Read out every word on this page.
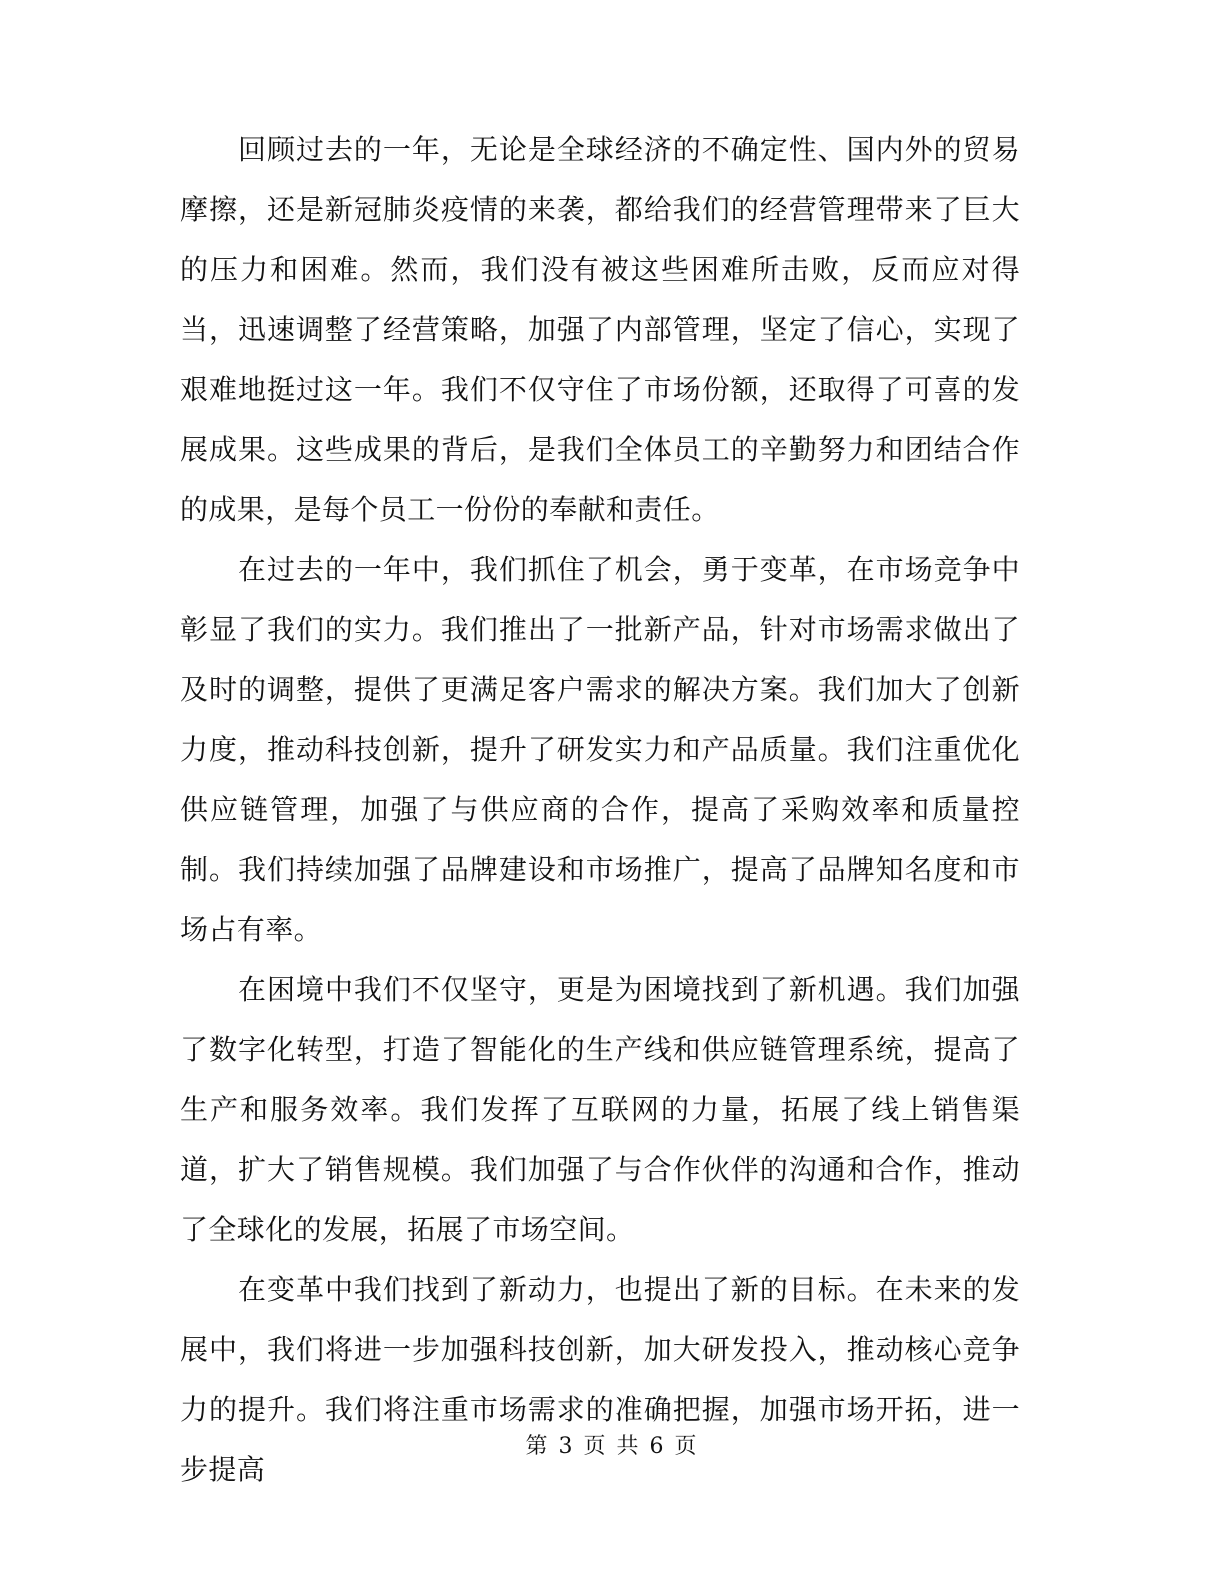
回顾过去的一年，无论是全球经济的不确定性、国内外的贸易摩擦，还是新冠肺炎疫情的来袭，都给我们的经营管理带来了巨大的压力和困难。然而，我们没有被这些困难所击败，反而应对得当，迅速调整了经营策略，加强了内部管理，坚定了信心，实现了艰难地挺过这一年。我们不仅守住了市场份额，还取得了可喜的发展成果。这些成果的背后，是我们全体员工的辛勤努力和团结合作的成果，是每个员工一份份的奉献和责任。

在过去的一年中，我们抓住了机会，勇于变革，在市场竞争中彰显了我们的实力。我们推出了一批新产品，针对市场需求做出了及时的调整，提供了更满足客户需求的解决方案。我们加大了创新力度，推动科技创新，提升了研发实力和产品质量。我们注重优化供应链管理，加强了与供应商的合作，提高了采购效率和质量控制。我们持续加强了品牌建设和市场推广，提高了品牌知名度和市场占有率。

在困境中我们不仅坚守，更是为困境找到了新机遇。我们加强了数字化转型，打造了智能化的生产线和供应链管理系统，提高了生产和服务效率。我们发挥了互联网的力量，拓展了线上销售渠道，扩大了销售规模。我们加强了与合作伙伴的沟通和合作，推动了全球化的发展，拓展了市场空间。

在变革中我们找到了新动力，也提出了新的目标。在未来的发展中，我们将进一步加强科技创新，加大研发投入，推动核心竞争力的提升。我们将注重市场需求的准确把握，加强市场开拓，进一步提高

第 3 页 共 6 页
